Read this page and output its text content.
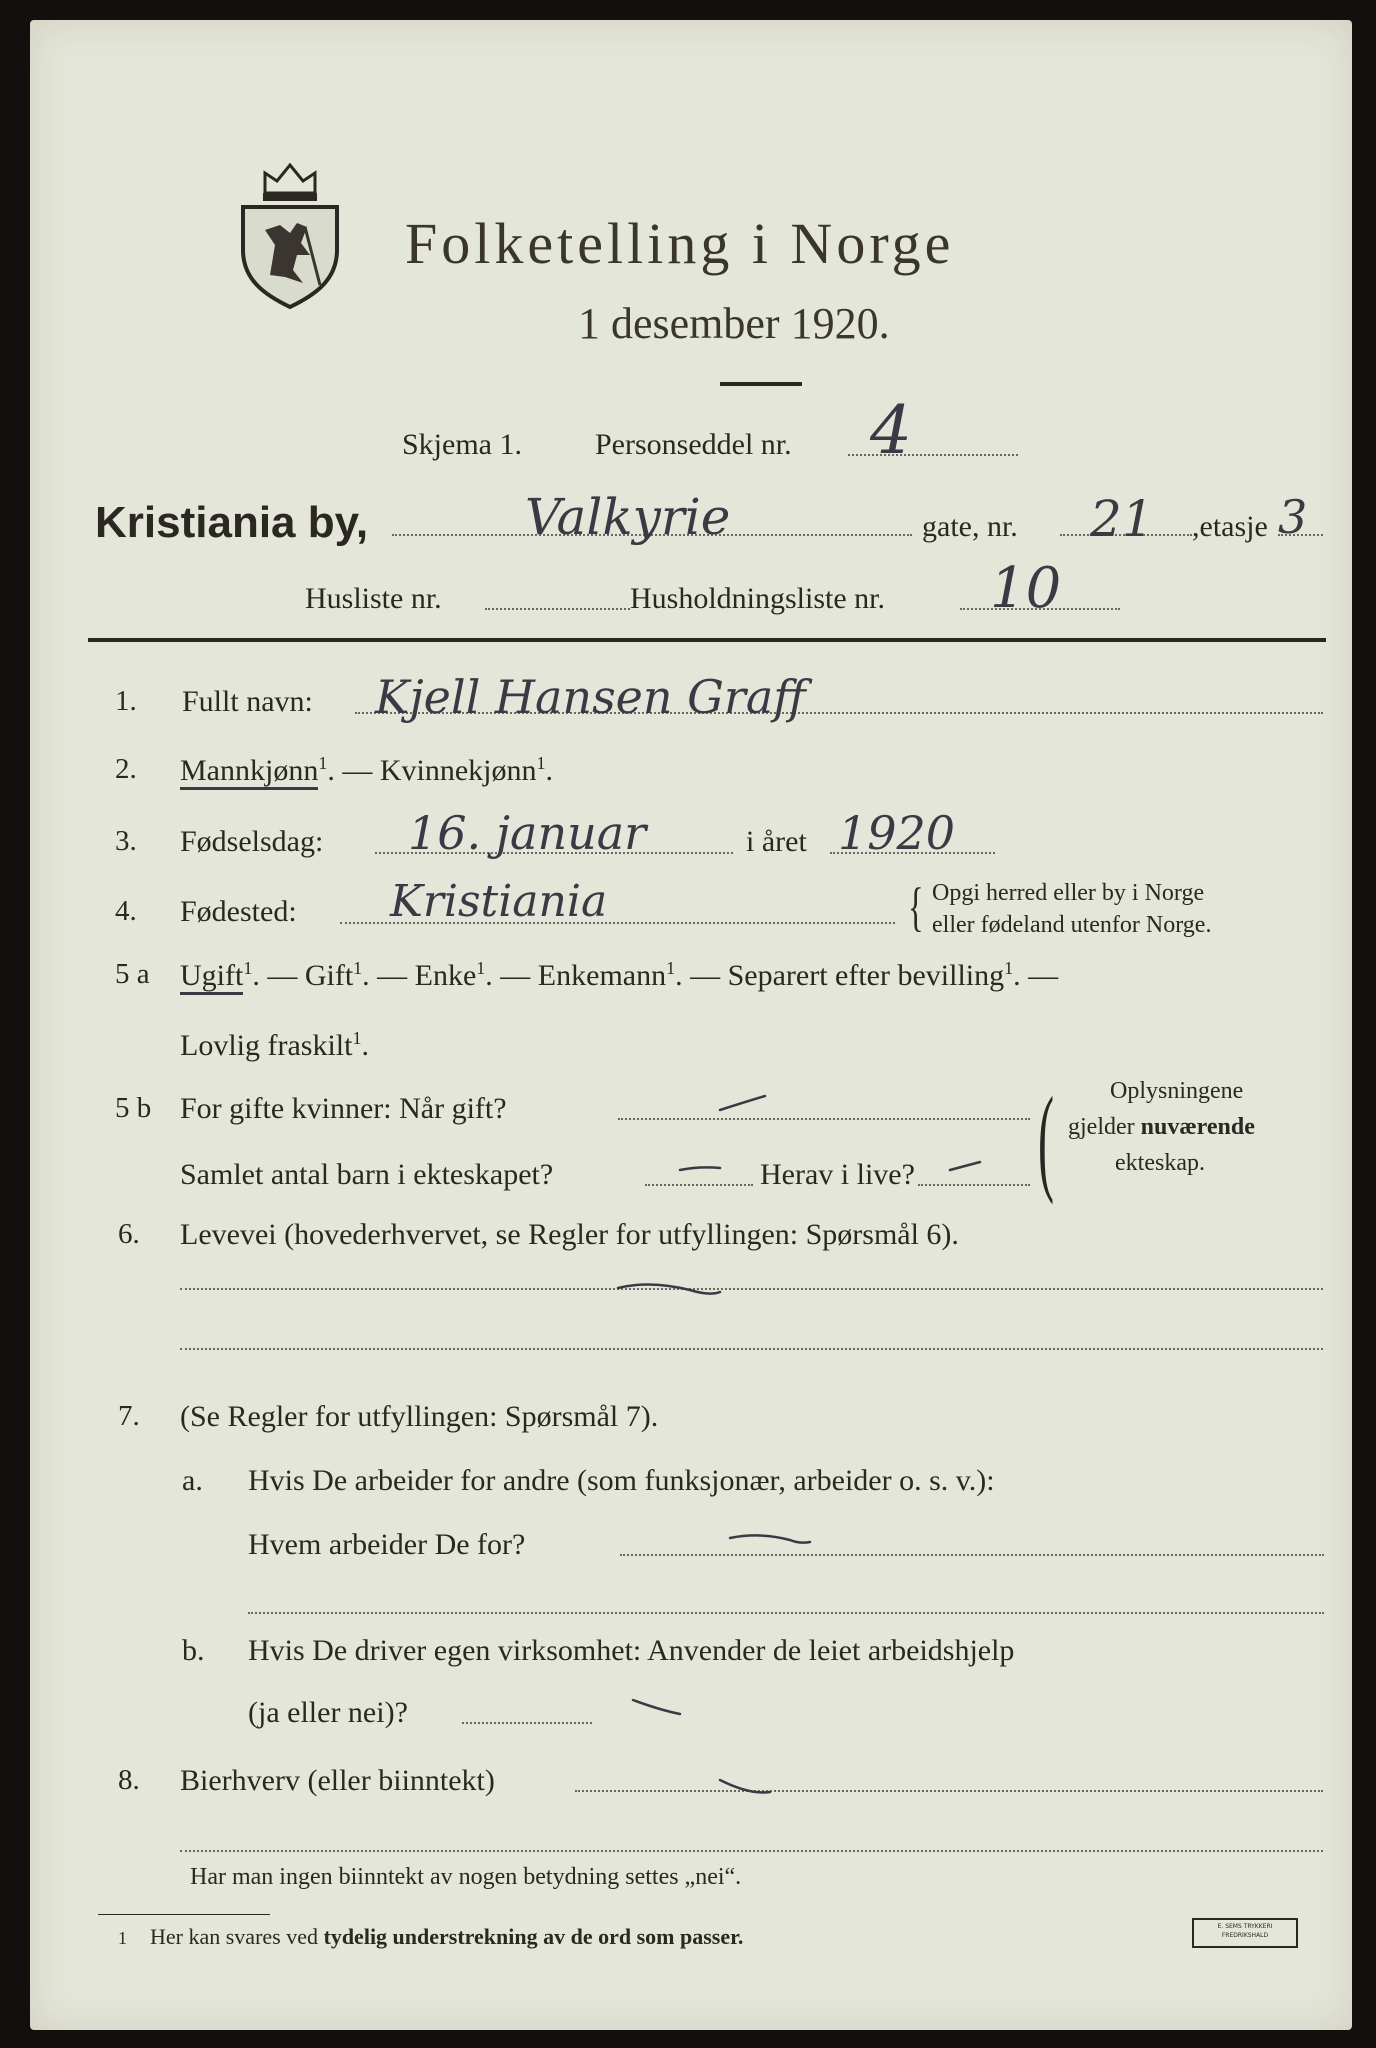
Folketelling i Norge
1 desember 1920.
Skjema 1. Personseddel nr. 4
Kristiania by,	Valkyrie	gate, nr. 21 ,etasje 3
Husliste nr.	Husholdningsliste nr. 10
1. Fullt navn: Kjell Hansen Graff
2. Mannkjønn$^1$. — Kvinnekjønn$^1$.
3. Fødselsdag: 16. januar	i året 1920
4. Fødested: Kristiania	{ Opgi herred eller by i Norge
eller fødeland utenfor Norge.
5 a Ugift$^1$. — Gift$^1$. — Enke$^1$. — Enkemann$^1$. — Separert efter bevilling$^1$. —
Lovlig fraskilt$^1$.
5 b For gifte kvinner: Når gift?
Samlet antal barn i ekteskapet?	Herav i live? ( Oplysningene
gjelder nuværende
ekteskap.
6. Levevei (hovederhvervet, se Regler for utfyllingen: Spørsmål 6).
7. (Se Regler for utfyllingen: Spørsmål 7).
a. Hvis De arbeider for andre (som funksjonær, arbeider o. s. v.):
Hvem arbeider De for?
b. Hvis De driver egen virksomhet: Anvender de leiet arbeidshjelp
(ja eller nei)?
8. Bierhverv (eller biinntekt)
Har man ingen biinntekt av nogen betydning settes „nei“.
1 Her kan svares ved tydelig understrekning av de ord som passer.	E. SEMS TRYKKERI
FREDRIKSHALD
